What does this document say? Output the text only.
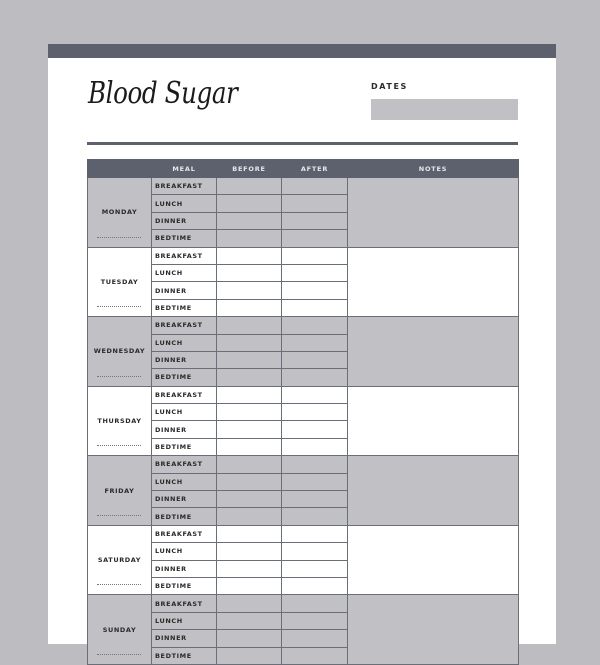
Blood Sugar	DATES
	MEAL	BEFORE	AFTER	NOTES
MONDAY	BREAKFAST			
	LUNCH			
	DINNER			
	BEDTIME			
TUESDAY	BREAKFAST			
	LUNCH			
	DINNER			
	BEDTIME			
WEDNESDAY	BREAKFAST			
	LUNCH			
	DINNER			
	BEDTIME			
THURSDAY	BREAKFAST			
	LUNCH			
	DINNER			
	BEDTIME			
FRIDAY	BREAKFAST			
	LUNCH			
	DINNER			
	BEDTIME			
SATURDAY	BREAKFAST			
	LUNCH			
	DINNER			
	BEDTIME			
SUNDAY	BREAKFAST			
	LUNCH			
	DINNER			
	BEDTIME			
